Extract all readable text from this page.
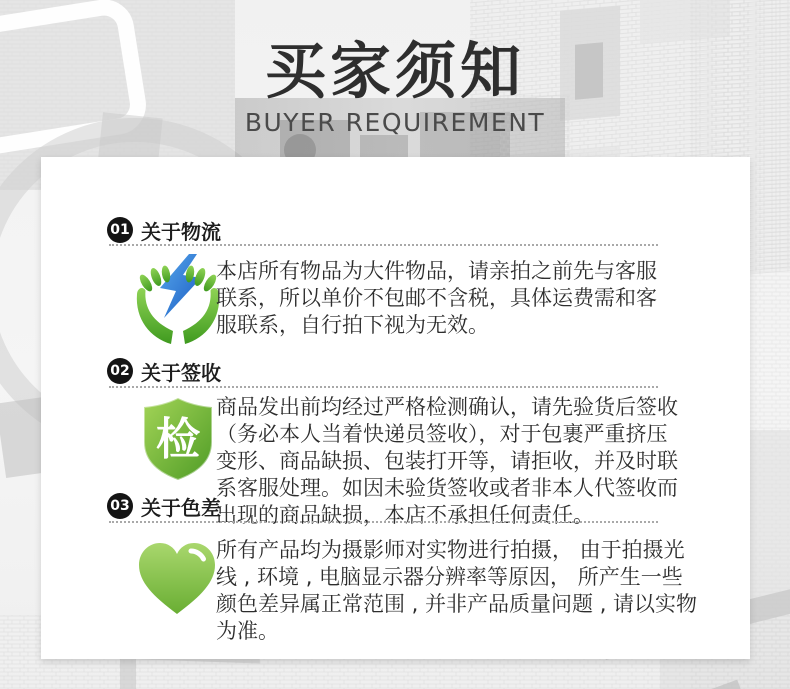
买家须知
BUYER REQUIREMENT
01 关于物流
本店所有物品为大件物品，请亲拍之前先与客服
联系，所以单价不包邮不含税，具体运费需和客
服联系，自行拍下视为无效。
02 关于签收
检
商品发出前均经过严格检测确认，请先验货后签收
（务必本人当着快递员签收），对于包裹严重挤压
变形、商品缺损、包装打开等，请拒收，并及时联
系客服处理。如因未验货签收或者非本人代签收而
出现的商品缺损，本店不承担任何责任。
03 关于色差
所有产品均为摄影师对实物进行拍摄， 由于拍摄光
线 , 环境 , 电脑显示器分辨率等原因， 所产生一些
颜色差异属正常范围 , 并非产品质量问题 , 请以实物
为准。
